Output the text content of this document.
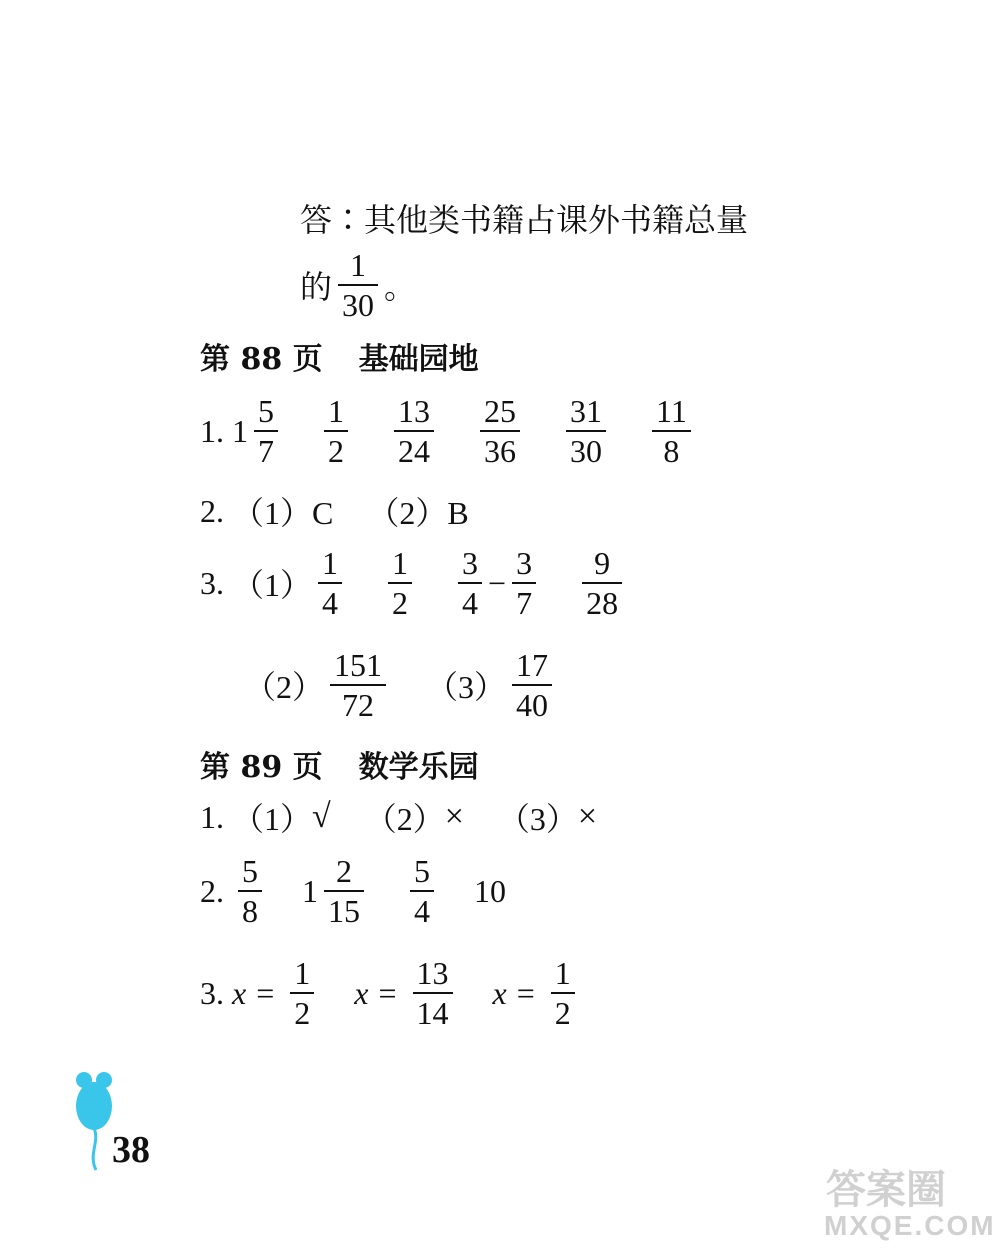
答∶其他类书籍占课外书籍总量
的 $\frac{1}{30}$ 。
第 88 页 基础园地
1. $1 \frac{5}{7} \frac{1}{2} \frac{13}{24} \frac{25}{36} \frac{31}{30} \frac{11}{8}$
2. （1）C （2）B
3. $(1) \frac{1}{4} \frac{1}{2} \frac{3}{4} - \frac{3}{7} \frac{9}{28}$
$(2) \frac{151}{72} (3) \frac{17}{40}$
第 89 页 数学乐园
1. （1） √ （2） × （3） ×
2. $\frac{5}{8} 1 \frac{2}{15} \frac{5}{4} 10$
3. $x = \frac{1}{2}$ $x = \frac{13}{14}$ $x = \frac{1}{2}$
38
答案圈
MXQE.COM
